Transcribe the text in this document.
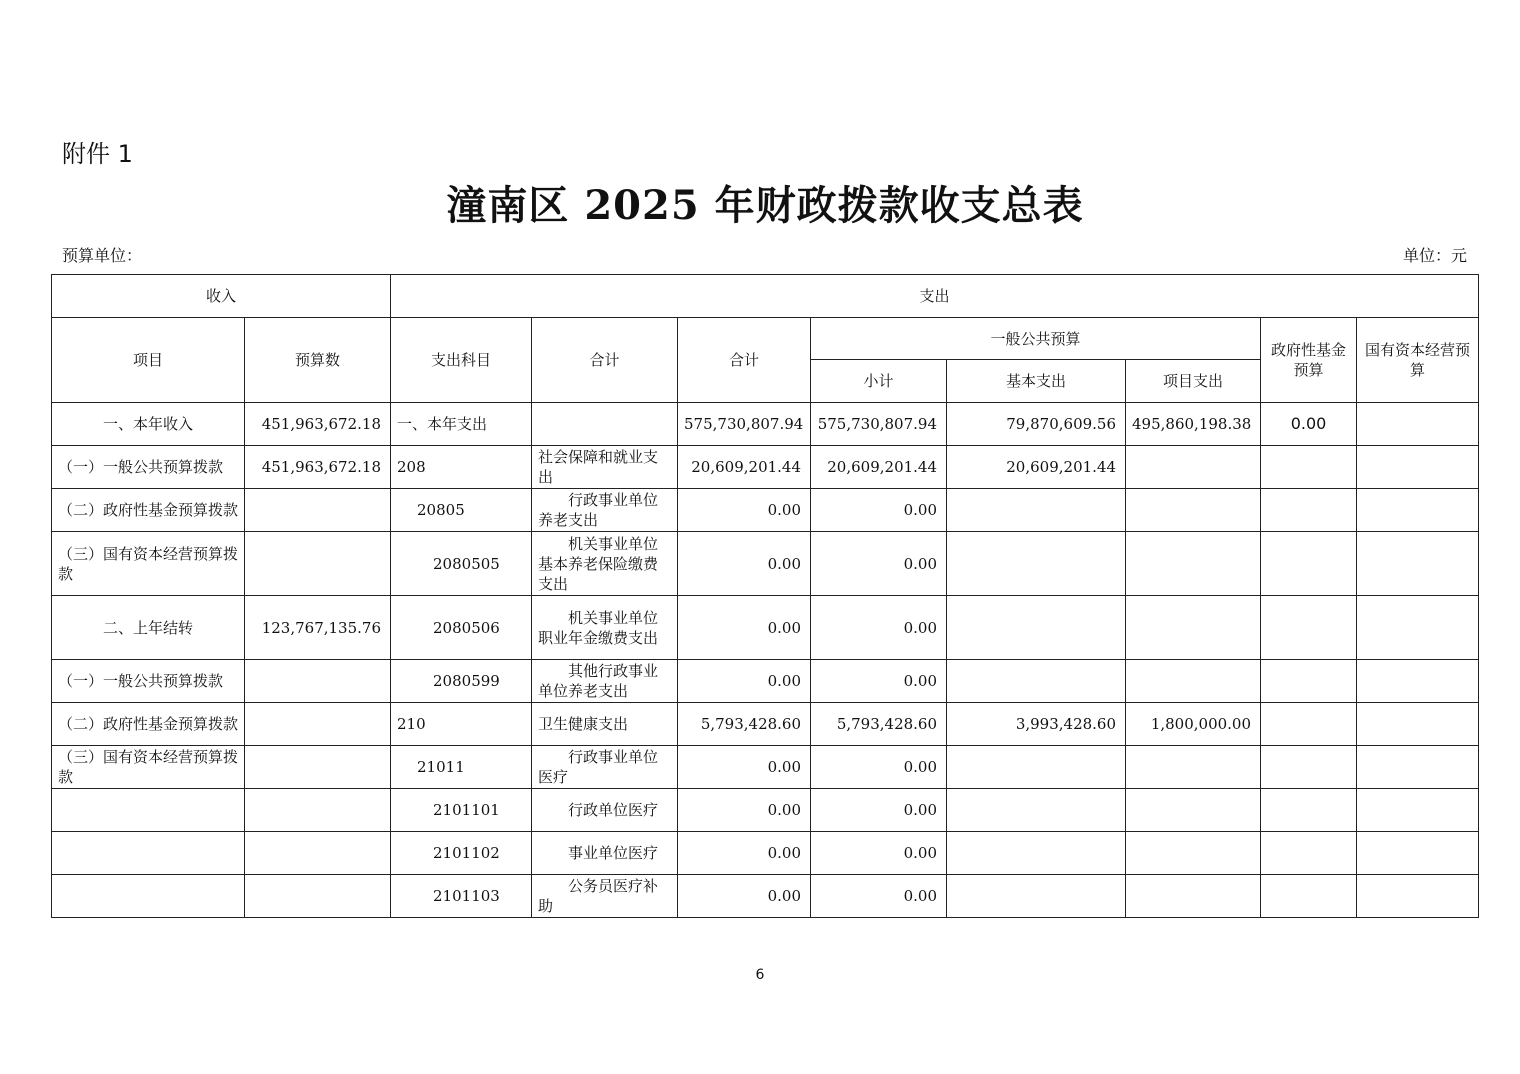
附件 1
潼南区 2025 年财政拨款收支总表
预算单位：	单位：元
收入		支出							
项目	预算数	支出科目	合计	合计	一般公共预算			政府性基金预算	国有资本经营预算
					小计	基本支出	项目支出		
一、本年收入	451,963,672.18	一、本年支出		575,730,807.94	575,730,807.94	79,870,609.56	495,860,198.38	0.00	
（一）一般公共预算拨款	451,963,672.18	208	社会保障和就业支出	20,609,201.44	20,609,201.44	20,609,201.44			
（二）政府性基金预算拨款		20805	行政事业单位养老支出	0.00	0.00				
（三）国有资本经营预算拨款		2080505	机关事业单位基本养老保险缴费支出	0.00	0.00				
二、上年结转	123,767,135.76	2080506	机关事业单位职业年金缴费支出	0.00	0.00				
（一）一般公共预算拨款		2080599	其他行政事业单位养老支出	0.00	0.00				
（二）政府性基金预算拨款		210	卫生健康支出	5,793,428.60	5,793,428.60	3,993,428.60	1,800,000.00		
（三）国有资本经营预算拨款		21011	行政事业单位医疗	0.00	0.00				
		2101101	行政单位医疗	0.00	0.00				
		2101102	事业单位医疗	0.00	0.00				
		2101103	公务员医疗补助	0.00	0.00				
6
